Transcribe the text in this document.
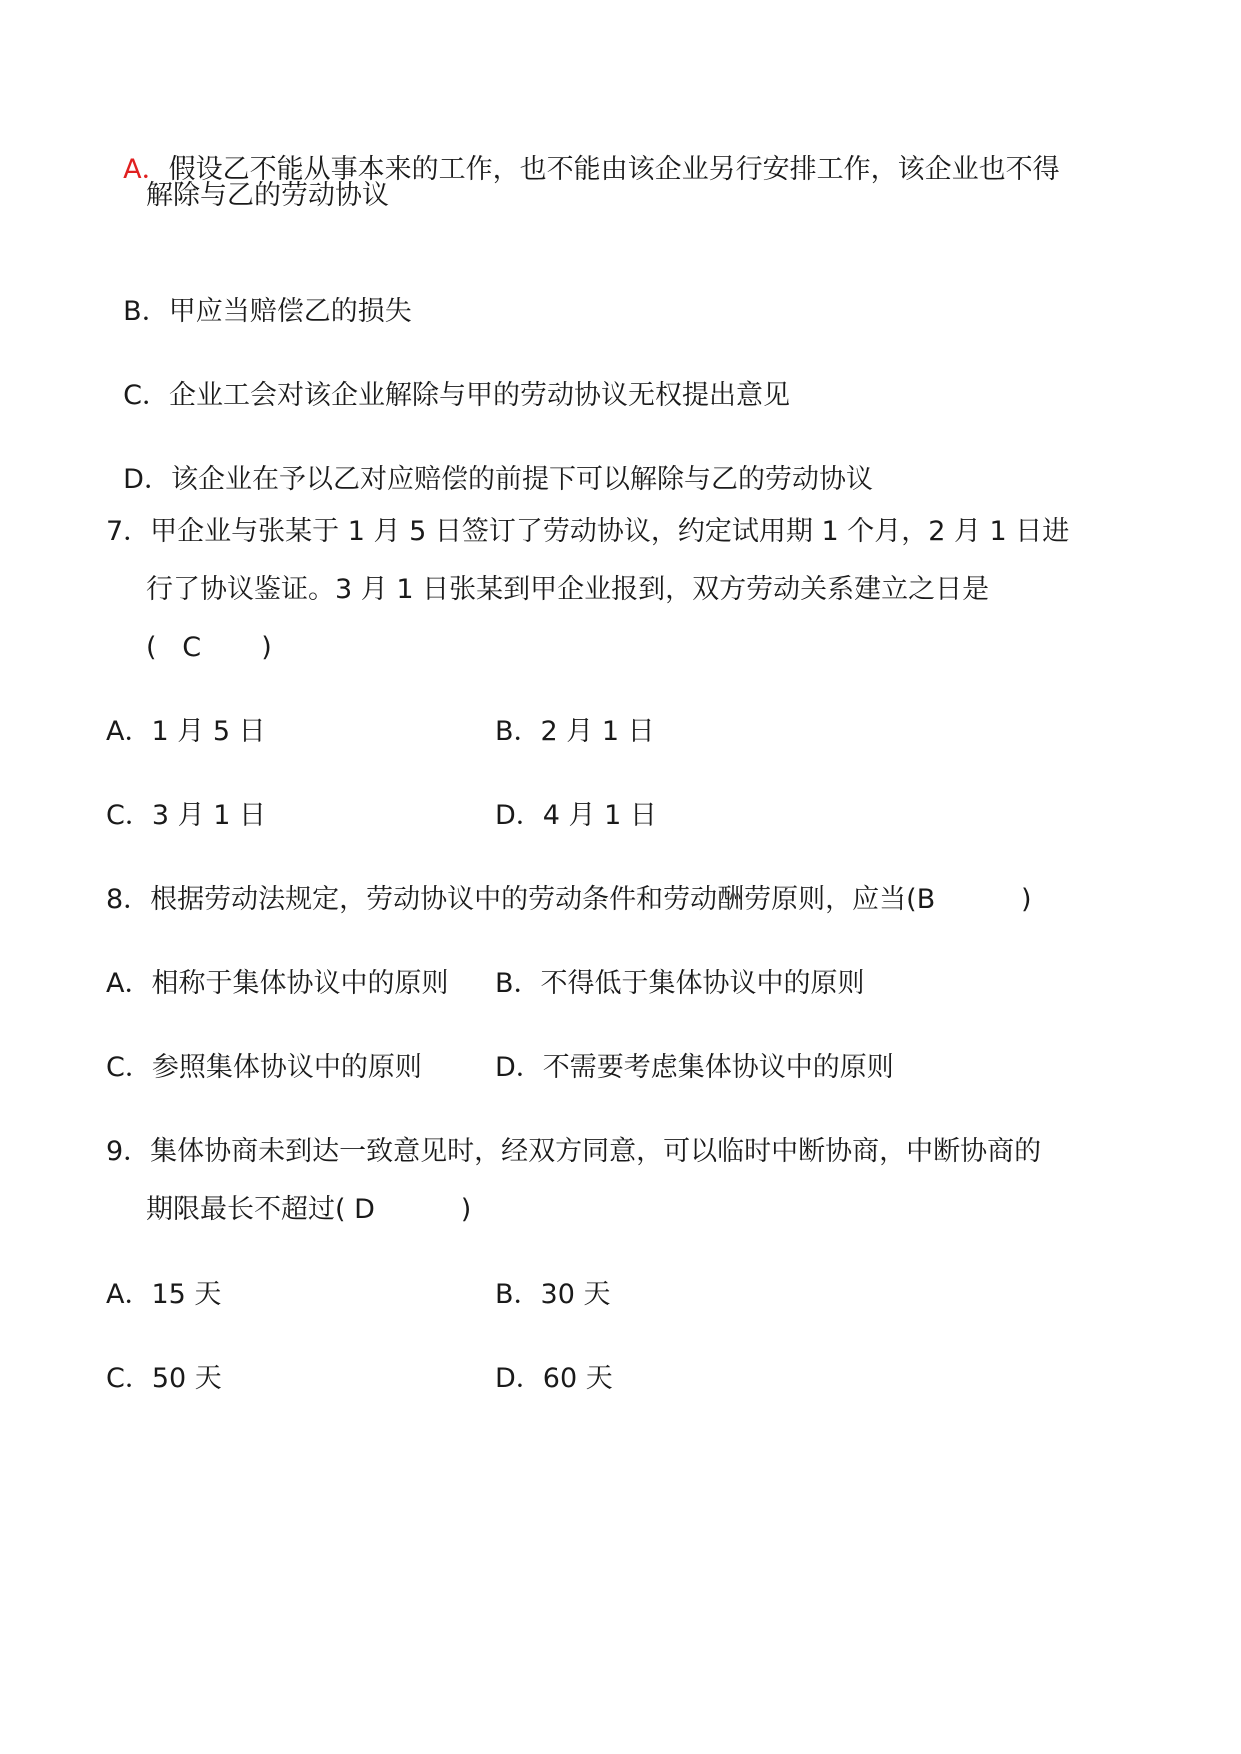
A．假设乙不能从事本来的工作，也不能由该企业另行安排工作，该企业也不得

解除与乙的劳动协议

B．甲应当赔偿乙的损失

C．企业工会对该企业解除与甲的劳动协议无权提出意见

D．该企业在予以乙对应赔偿的前提下可以解除与乙的劳动协议

7．甲企业与张某于 1 月 5 日签订了劳动协议，约定试用期 1 个月，2 月 1 日进
行了协议鉴证。3 月 1 日张某到甲企业报到，双方劳动关系建立之日是
(   C       )
A．1 月 5 日	B．2 月 1 日
C．3 月 1 日	D．4 月 1 日
8．根据劳动法规定，劳动协议中的劳动条件和劳动酬劳原则，应当(B          )
A．相称于集体协议中的原则 B．不得低于集体协议中的原则
C．参照集体协议中的原则	D．不需要考虑集体协议中的原则
9．集体协商未到达一致意见时，经双方同意，可以临时中断协商，中断协商的
期限最长不超过( D          )
A．15 天	B．30 天
C．50 天	D．60 天
